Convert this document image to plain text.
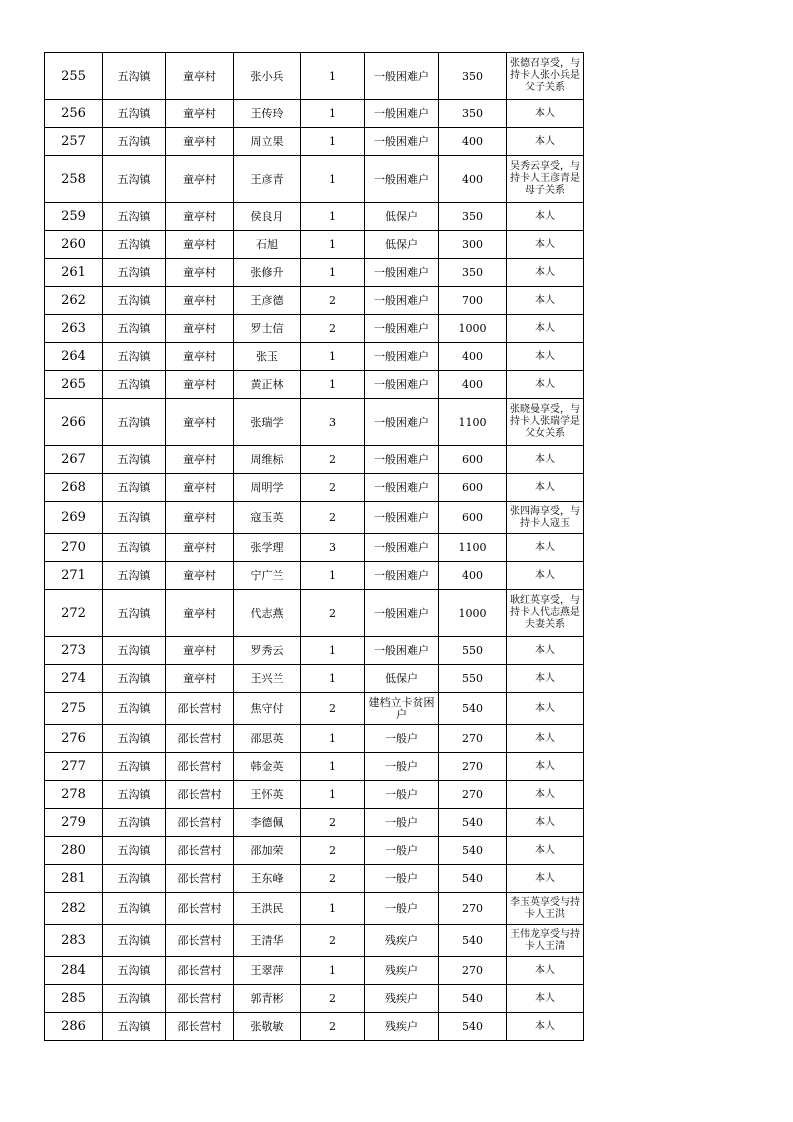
255	五沟镇	童亭村	张小兵	1	一般困难户	350	张德召享受，与持卡人张小兵是父子关系
256	五沟镇	童亭村	王传玲	1	一般困难户	350	本人
257	五沟镇	童亭村	周立果	1	一般困难户	400	本人
258	五沟镇	童亭村	王彦青	1	一般困难户	400	吴秀云享受，与持卡人王彦青是母子关系
259	五沟镇	童亭村	侯良月	1	低保户	350	本人
260	五沟镇	童亭村	石旭	1	低保户	300	本人
261	五沟镇	童亭村	张修升	1	一般困难户	350	本人
262	五沟镇	童亭村	王彦德	2	一般困难户	700	本人
263	五沟镇	童亭村	罗士信	2	一般困难户	1000	本人
264	五沟镇	童亭村	张玉	1	一般困难户	400	本人
265	五沟镇	童亭村	黄正林	1	一般困难户	400	本人
266	五沟镇	童亭村	张瑞学	3	一般困难户	1100	张晓曼享受，与持卡人张瑞学是父女关系
267	五沟镇	童亭村	周维标	2	一般困难户	600	本人
268	五沟镇	童亭村	周明学	2	一般困难户	600	本人
269	五沟镇	童亭村	寇玉英	2	一般困难户	600	张四海享受，与持卡人寇玉
270	五沟镇	童亭村	张学理	3	一般困难户	1100	本人
271	五沟镇	童亭村	宁广兰	1	一般困难户	400	本人
272	五沟镇	童亭村	代志燕	2	一般困难户	1000	耿红英享受，与持卡人代志燕是夫妻关系
273	五沟镇	童亭村	罗秀云	1	一般困难户	550	本人
274	五沟镇	童亭村	王兴兰	1	低保户	550	本人
275	五沟镇	邵长营村	焦守付	2	建档立卡贫困户	540	本人
276	五沟镇	邵长营村	邵思英	1	一般户	270	本人
277	五沟镇	邵长营村	韩金英	1	一般户	270	本人
278	五沟镇	邵长营村	王怀英	1	一般户	270	本人
279	五沟镇	邵长营村	李德佩	2	一般户	540	本人
280	五沟镇	邵长营村	邵加荣	2	一般户	540	本人
281	五沟镇	邵长营村	王东峰	2	一般户	540	本人
282	五沟镇	邵长营村	王洪民	1	一般户	270	李玉英享受与持卡人王洪
283	五沟镇	邵长营村	王清华	2	残疾户	540	王伟龙享受与持卡人王清
284	五沟镇	邵长营村	王翠萍	1	残疾户	270	本人
285	五沟镇	邵长营村	郭青彬	2	残疾户	540	本人
286	五沟镇	邵长营村	张敬敏	2	残疾户	540	本人
